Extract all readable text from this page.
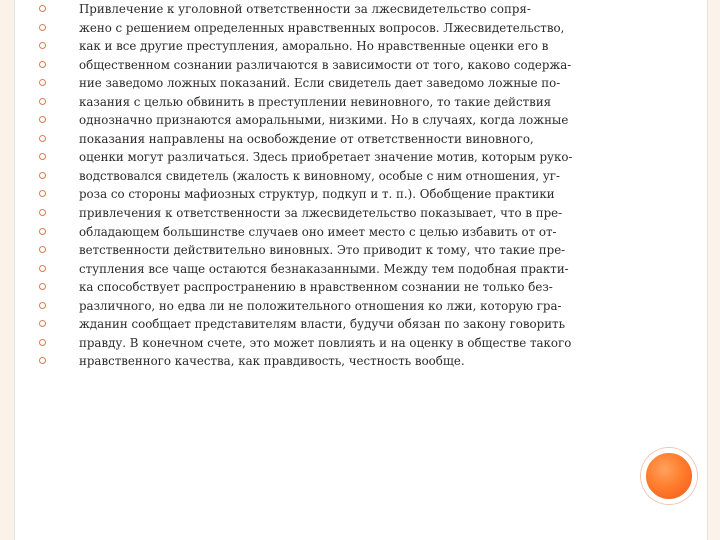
Привлечение к уголовной ответственности за лжесвидетельство сопря-
жено с решением определенных нравственных вопросов. Лжесвидетельство,
как и все другие преступления, аморально. Но нравственные оценки его в
общественном сознании различаются в зависимости от того, каково содержа-
ние заведомо ложных показаний. Если свидетель дает заведомо ложные по-
казания с целью обвинить в преступлении невиновного, то такие действия
однозначно признаются аморальными, низкими. Но в случаях, когда ложные
показания направлены на освобождение от ответственности виновного,
оценки могут различаться. Здесь приобретает значение мотив, которым руко-
водствовался свидетель (жалость к виновному, особые с ним отношения, уг-
роза со стороны мафиозных структур, подкуп и т. п.). Обобщение практики
привлечения к ответственности за лжесвидетельство показывает, что в пре-
обладающем большинстве случаев оно имеет место с целью избавить от от-
ветственности действительно виновных. Это приводит к тому, что такие пре-
ступления все чаще остаются безнаказанными. Между тем подобная практи-
ка способствует распространению в нравственном сознании не только без-
различного, но едва ли не положительного отношения ко лжи, которую гра-
жданин сообщает представителям власти, будучи обязан по закону говорить
правду. В конечном счете, это может повлиять и на оценку в обществе такого
нравственного качества, как правдивость, честность вообще.
